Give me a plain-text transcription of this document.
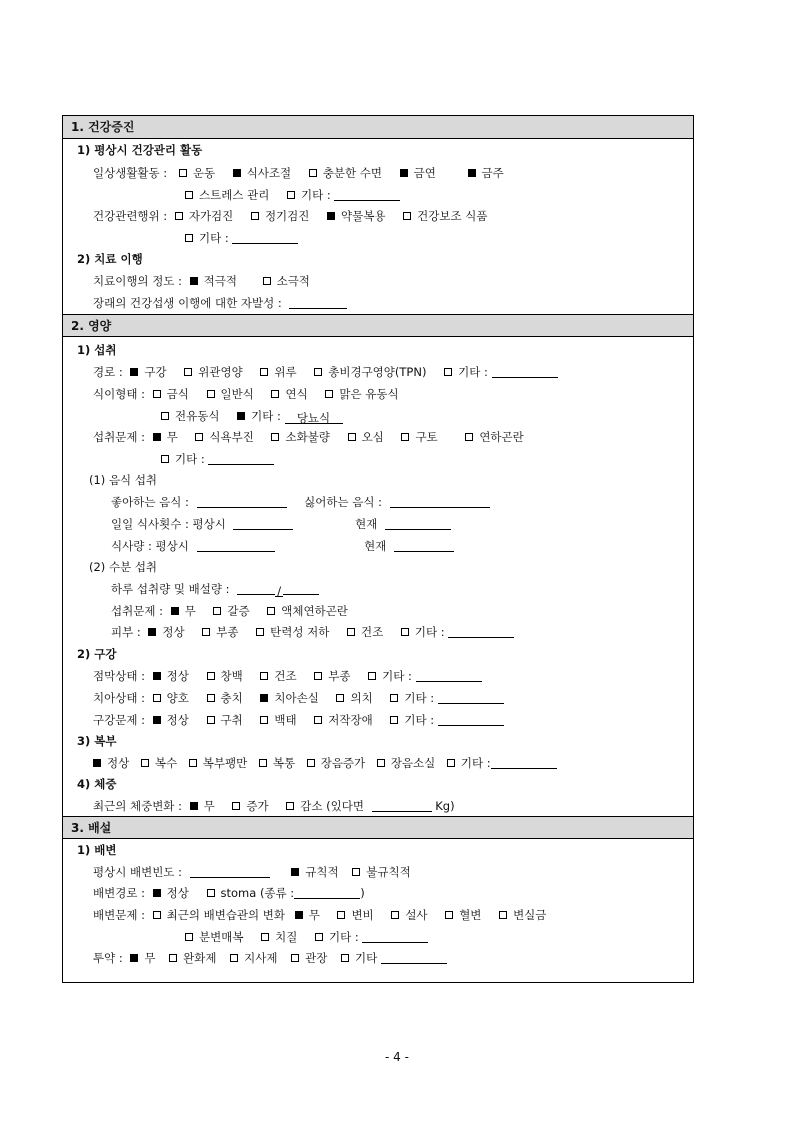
1. 건강증진
1) 평상시 건강관리 활동
일상생활활동 : 운동	식사조절	충분한 수면	금연	금주
스트레스 관리	기타 :
건강관련행위 : 자가검진	정기검진	약물복용	건강보조 식품
기타 :
2) 치료 이행
치료이행의 정도 : 적극적	소극적
장래의 건강섭생 이행에 대한 자발성 :
2. 영양
1) 섭취
경로 : 구강	위관영양	위루	총비경구영양(TPN)	기타 :
식이형태 : 금식	일반식	연식	맑은 유동식
전유동식	기타 : 당뇨식
섭취문제 : 무	식욕부진	소화불량	오심	구토	연하곤란
기타 :
(1) 음식 섭취
좋아하는 음식 :	싫어하는 음식 :
일일 식사횟수 : 평상시	현재
식사량 : 평상시	현재
(2) 수분 섭취
하루 섭취량 및 배설량 :	/
섭취문제 : 무	갈증	액체연하곤란
피부 : 정상	부종	탄력성 저하	건조	기타 :
2) 구강
점막상태 : 정상	창백	건조	부종	기타 :
치아상태 : 양호	충치	치아손실	의치	기타 :
구강문제 : 정상	구취	백태	저작장애	기타 :
3) 복부
정상 복수 복부팽만 복통 장음증가 장음소실 기타 :
4) 체중
최근의 체중변화 : 무	증가	감소 (있다면	Kg)
3. 배설
1) 배변
평상시 배변빈도 :	규칙적 불규칙적
배변경로 : 정상	stoma (종류 :	)
배변문제 : 최근의 배변습관의 변화 무	변비	설사	혈변	변실금
분변매복	치질	기타 :
투약 : 무 완화제 지사제 관장 기타
- 4 -
